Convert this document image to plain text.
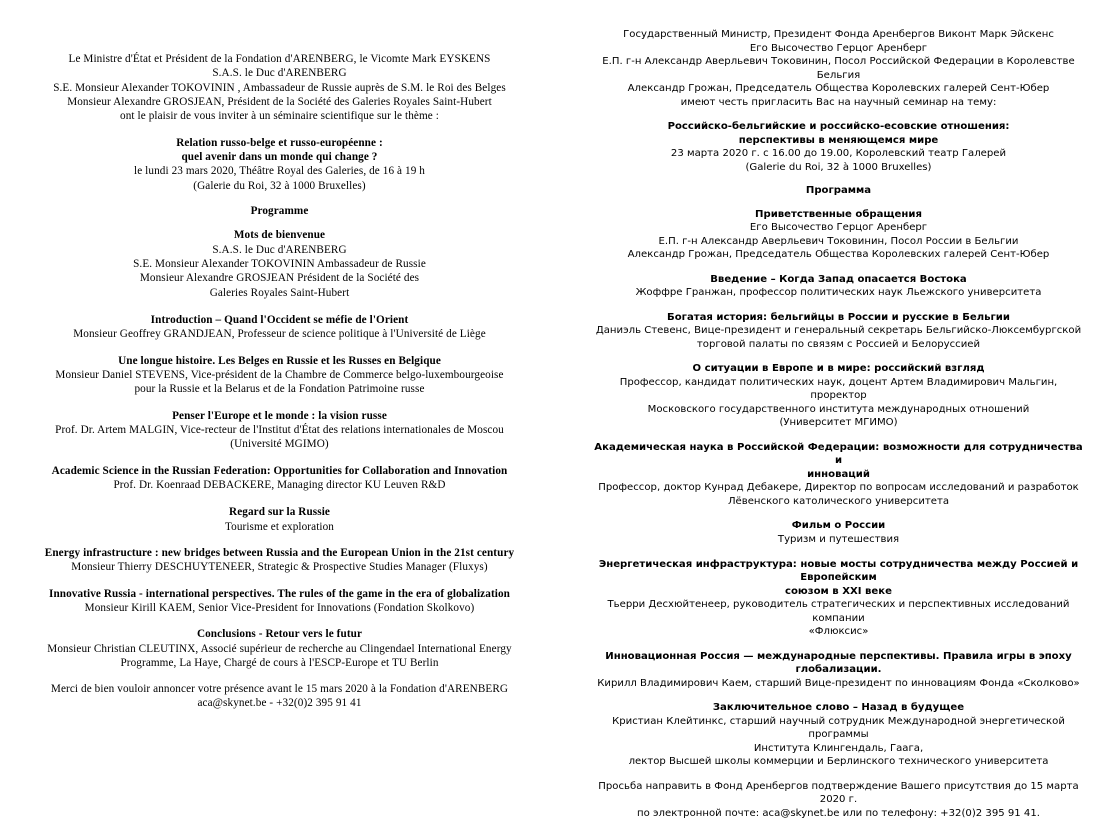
Le Ministre d'État et Président de la Fondation d'ARENBERG, le Vicomte Mark EYSKENS
S.A.S. le Duc d'ARENBERG
S.E. Monsieur Alexander TOKOVININ , Ambassadeur de Russie auprès de S.M. le Roi des Belges
Monsieur Alexandre GROSJEAN, Président de la Société des Galeries Royales Saint-Hubert
ont le plaisir de vous inviter à un séminaire scientifique sur le thème :
Relation russo-belge et russo-européenne :
quel avenir dans un monde qui change ?
le lundi 23 mars 2020, Théâtre Royal des Galeries, de 16 à 19 h
(Galerie du Roi, 32 à 1000 Bruxelles)
Programme
Mots de bienvenue
S.A.S. le Duc d'ARENBERG
S.E. Monsieur Alexander TOKOVININ Ambassadeur de Russie
Monsieur Alexandre GROSJEAN Président de la Société des
Galeries Royales Saint-Hubert
Introduction – Quand l'Occident se méfie de l'Orient
Monsieur Geoffrey GRANDJEAN, Professeur de science politique à l'Université de Liège
Une longue histoire. Les Belges en Russie et les Russes en Belgique
Monsieur Daniel STEVENS, Vice-président de la Chambre de Commerce belgo-luxembourgeoise
pour la Russie et la Belarus et de la Fondation Patrimoine russe
Penser l'Europe et le monde : la vision russe
Prof. Dr. Artem MALGIN, Vice-recteur de l'Institut d'État des relations internationales de Moscou
(Université MGIMO)
Academic Science in the Russian Federation: Opportunities for Collaboration and Innovation
Prof. Dr. Koenraad DEBACKERE, Managing director KU Leuven R&D
Regard sur la Russie
Tourisme et exploration
Energy infrastructure : new bridges between Russia and the European Union in the 21st century
Monsieur Thierry DESCHUYTENEER, Strategic & Prospective Studies Manager (Fluxys)
Innovative Russia - international perspectives. The rules of the game in the era of globalization
Monsieur Kirill KAEM, Senior Vice-President for Innovations (Fondation Skolkovo)
Conclusions - Retour vers le futur
Monsieur Christian CLEUTINX, Associé supérieur de recherche au Clingendael International Energy
Programme, La Haye, Chargé de cours à l'ESCP-Europe et TU Berlin
Merci de bien vouloir annoncer votre présence avant le 15 mars 2020 à la Fondation d'ARENBERG
aca@skynet.be - +32(0)2 395 91 41
Государственный Министр, Президент Фонда Аренбергов Виконт Марк Эйскенс
Его Высочество Герцог Аренберг
Е.П. г-н Александр Аверльевич Токовинин, Посол Российской Федерации в Королевстве Бельгия
Александр Грожан, Председатель Общества Королевских галерей Сент-Юбер
имеют честь пригласить Вас на научный семинар на тему:
Российско-бельгийские и российско-есовские отношения:
перспективы в меняющемся мире
23 марта 2020 г. с 16.00 до 19.00, Королевский театр Галерей
(Galerie du Roi, 32 à 1000 Bruxelles)
Программа
Приветственные обращения
Его Высочество Герцог Аренберг
Е.П. г-н Александр Аверльевич Токовинин, Посол России в Бельгии
Александр Грожан, Председатель Общества Королевских галерей Сент-Юбер
Введение – Когда Запад опасается Востока
Жоффре Гранжан, профессор политических наук Льежского университета
Богатая история: бельгийцы в России и русские в Бельгии
Даниэль Стевенс, Вице-президент и генеральный секретарь Бельгийско-Люксембургской
торговой палаты по связям с Россией и Белоруссией
О ситуации в Европе и в мире: российский взгляд
Профессор, кандидат политических наук, доцент Артем Владимирович Мальгин, проректор
Московского государственного института международных отношений
(Университет МГИМО)
Академическая наука в Российской Федерации: возможности для сотрудничества и
инноваций
Профессор, доктор Кунрад Дебакере, Директор по вопросам исследований и разработок
Лёвенского католического университета
Фильм о России
Туризм и путешествия
Энергетическая инфраструктура: новые мосты сотрудничества между Россией и Европейским
союзом в XXI веке
Тьерри Десхюйтенеер, руководитель стратегических и перспективных исследований компании
«Флюксис»
Инновационная Россия — международные перспективы. Правила игры в эпоху глобализации.
Кирилл Владимирович Каем, старший Вице-президент по инновациям Фонда «Сколково»
Заключительное слово – Назад в будущее
Кристиан Клейтинкс, старший научный сотрудник Международной энергетической программы
Института Клингендаль, Гаага,
лектор Высшей школы коммерции и Берлинского технического университета
Просьба направить в Фонд Аренбергов подтверждение Вашего присутствия до 15 марта 2020 г.
по электронной почте: aca@skynet.be или по телефону: +32(0)2 395 91 41.
